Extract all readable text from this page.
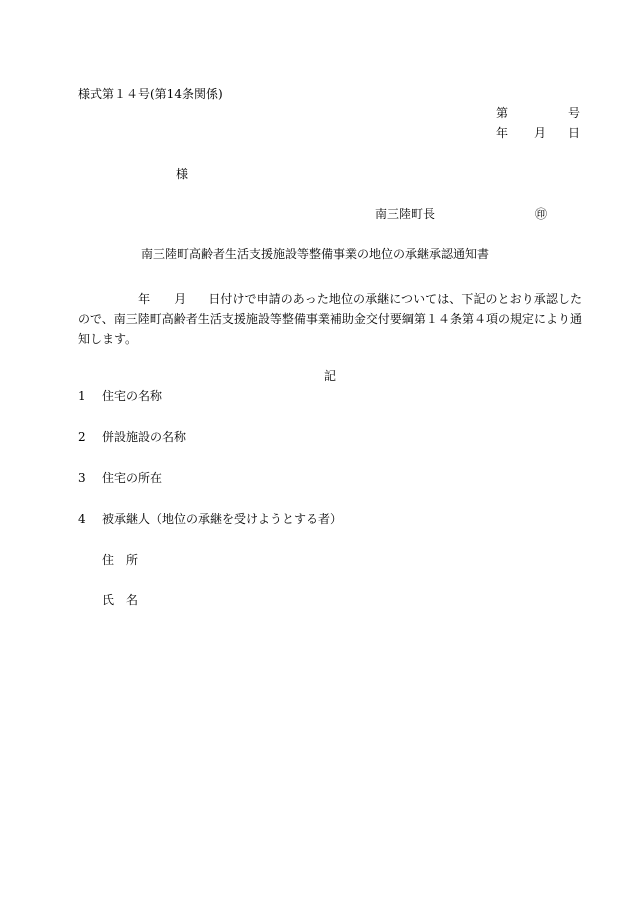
様式第１４号(第14条関係)
第	号
年 月 日
様
南三陸町長	㊞
南三陸町高齢者生活支援施設等整備事業の地位の承継承認通知書
年 月 日付けで申請のあった地位の承継については、下記のとおり承認したので、南三陸町高齢者生活支援施設等整備事業補助金交付要綱第１４条第４項の規定により通知します。
記
1 住宅の名称
2 併設施設の名称
3 住宅の所在
4 被承継人（地位の承継を受けようとする者）
住　所
氏　名
